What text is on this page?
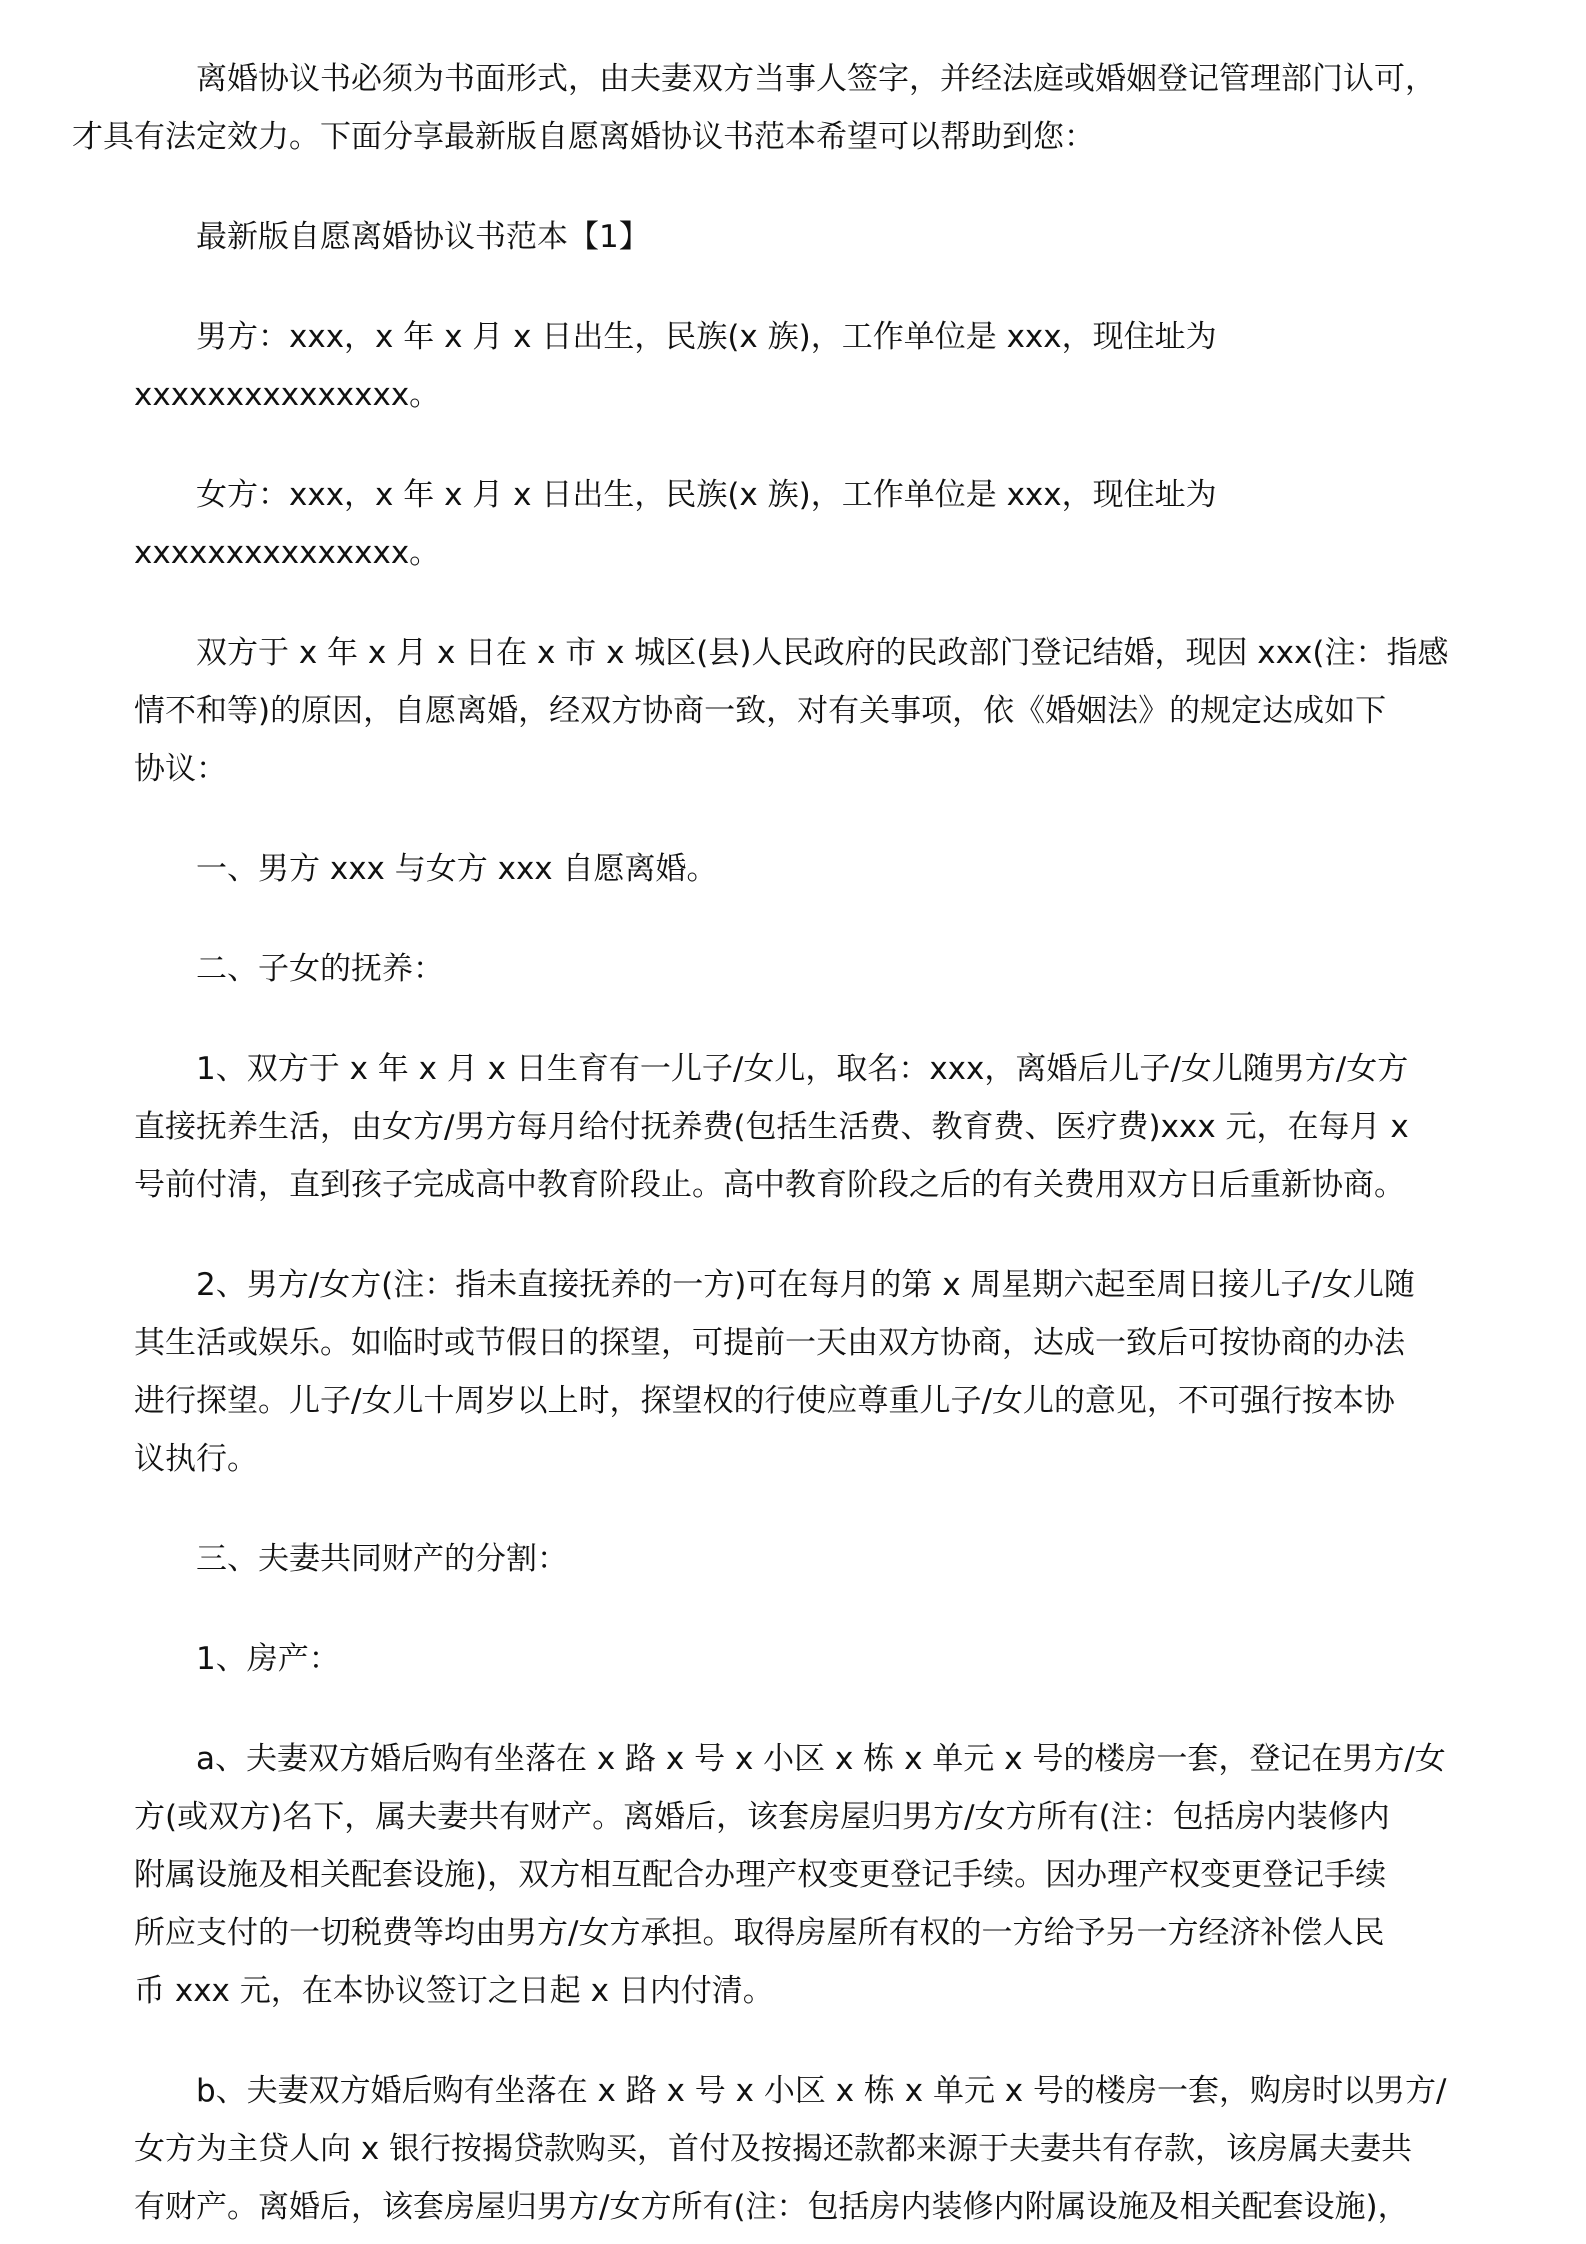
离婚协议书必须为书面形式，由夫妻双方当事人签字，并经法庭或婚姻登记管理部门认可，
才具有法定效力。下面分享最新版自愿离婚协议书范本希望可以帮助到您：

最新版自愿离婚协议书范本【1】

男方：xxx，x 年 x 月 x 日出生，民族(x 族)，工作单位是 xxx，现住址为
xxxxxxxxxxxxxxx。

女方：xxx，x 年 x 月 x 日出生，民族(x 族)，工作单位是 xxx，现住址为
xxxxxxxxxxxxxxx。

双方于 x 年 x 月 x 日在 x 市 x 城区(县)人民政府的民政部门登记结婚，现因 xxx(注：指感
情不和等)的原因，自愿离婚，经双方协商一致，对有关事项，依《婚姻法》的规定达成如下
协议：

一、男方 xxx 与女方 xxx 自愿离婚。

二、子女的抚养：

1、双方于 x 年 x 月 x 日生育有一儿子/女儿，取名：xxx，离婚后儿子/女儿随男方/女方
直接抚养生活，由女方/男方每月给付抚养费(包括生活费、教育费、医疗费)xxx 元，在每月 x
号前付清，直到孩子完成高中教育阶段止。高中教育阶段之后的有关费用双方日后重新协商。

2、男方/女方(注：指未直接抚养的一方)可在每月的第 x 周星期六起至周日接儿子/女儿随
其生活或娱乐。如临时或节假日的探望，可提前一天由双方协商，达成一致后可按协商的办法
进行探望。儿子/女儿十周岁以上时，探望权的行使应尊重儿子/女儿的意见，不可强行按本协
议执行。

三、夫妻共同财产的分割：

1、房产：

a、夫妻双方婚后购有坐落在 x 路 x 号 x 小区 x 栋 x 单元 x 号的楼房一套，登记在男方/女
方(或双方)名下，属夫妻共有财产。离婚后，该套房屋归男方/女方所有(注：包括房内装修内
附属设施及相关配套设施)，双方相互配合办理产权变更登记手续。因办理产权变更登记手续
所应支付的一切税费等均由男方/女方承担。取得房屋所有权的一方给予另一方经济补偿人民
币 xxx 元，在本协议签订之日起 x 日内付清。

b、夫妻双方婚后购有坐落在 x 路 x 号 x 小区 x 栋 x 单元 x 号的楼房一套，购房时以男方/
女方为主贷人向 x 银行按揭贷款购买，首付及按揭还款都来源于夫妻共有存款，该房属夫妻共
有财产。离婚后，该套房屋归男方/女方所有(注：包括房内装修内附属设施及相关配套设施)，
